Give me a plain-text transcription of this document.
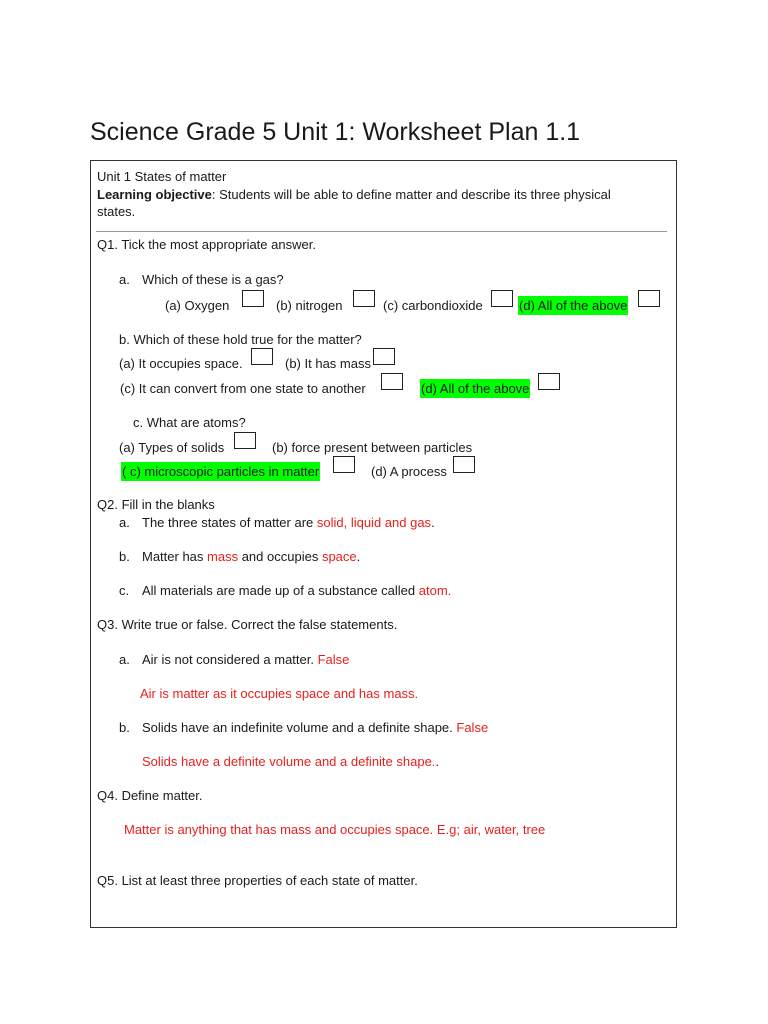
Science Grade 5 Unit 1: Worksheet Plan 1.1
Unit 1 States of matter
Learning objective: Students will be able to define matter and describe its three physical
states.
Q1. Tick the most appropriate answer.
a. Which of these is a gas?
(a) Oxygen	(b) nitrogen	(c) carbondioxide	(d) All of the above
b. Which of these hold true for the matter?
(a) It occupies space.	(b) It has mass
(c) It can convert from one state to another	(d) All of the above
c. What are atoms?
(a) Types of solids	(b) force present between particles
( c) microscopic particles in matter	(d) A process
Q2. Fill in the blanks
a. The three states of matter are solid, liquid and gas.
b. Matter has mass and occupies space.
c. All materials are made up of a substance called atom.
Q3. Write true or false. Correct the false statements.
a. Air is not considered a matter. False
Air is matter as it occupies space and has mass.
b. Solids have an indefinite volume and a definite shape. False
Solids have a definite volume and a definite shape..
Q4. Define matter.
Matter is anything that has mass and occupies space. E.g; air, water, tree
Q5. List at least three properties of each state of matter.
